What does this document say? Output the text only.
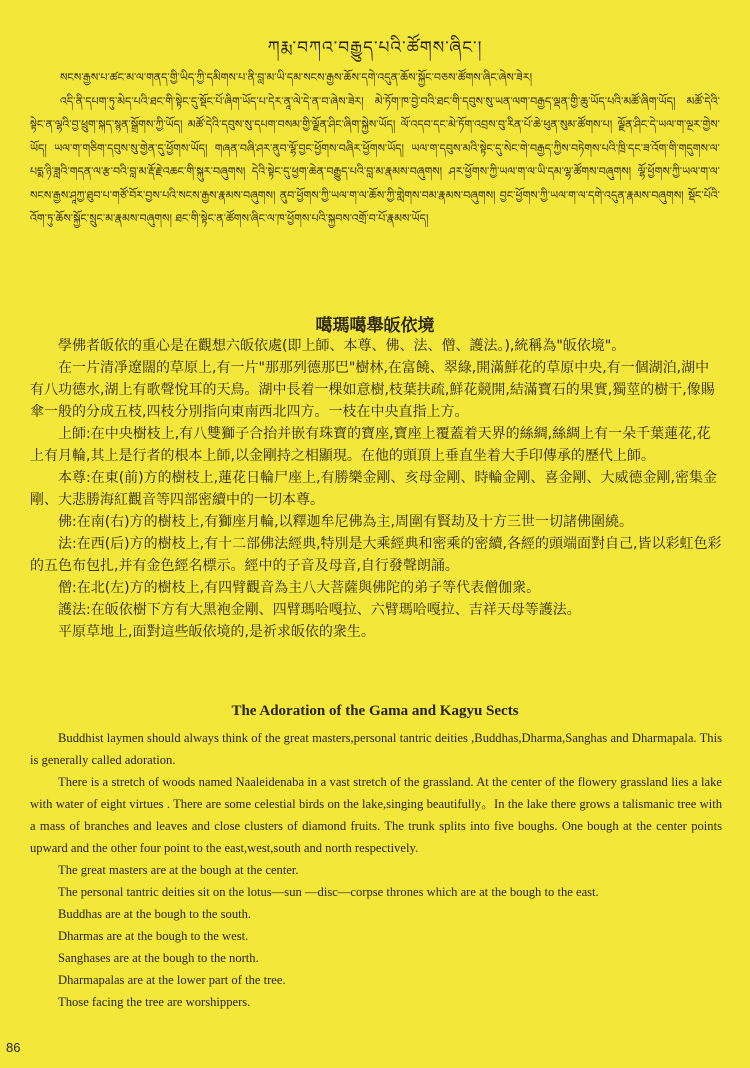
ཀརྨ་བཀའ་བརྒྱུད་པའི་ཚོགས་ཞིང་།

སངས་རྒྱས་པ་ཚང་མ་ལ་གནད་གྱི་ཡིད་ཀྱི་དམིགས་པ་ནི་བླ་མ་ཡི་དམ་སངས་རྒྱས་ཆོས་དགེ་འདུན་ཆོས་སྐྱོང་བཅས་ཚོགས་ཞིང་ཞེས་ཟེར།

འདི་ནི་དཔག་ཏུ་མེད་པའི་ཐང་གི་སྟེང་དུ་སྡོང་པོ་ཞིག་ཡོད་པ་དེར་ནཱ་ལེ་དེ་ན་བ་ཞེས་ཟེར། མེ་ཏོག་ཁ་བྱེ་བའི་ཐང་གི་དབུས་སུ་ཡན་ལག་བརྒྱད་ལྡན་གྱི་ཆུ་ཡོད་པའི་མཚོ་ཞིག་ཡོད། མཚོ་དེའི་སྟེང་ན་ལྷའི་བྱ་ཕྲུག་སྐད་སྙན་སྒྲོགས་ཀྱི་ཡོད། མཚོ་དེའི་དབུས་སུ་དཔག་བསམ་གྱི་ལྗོན་ཤིང་ཞིག་སྐྱེས་ཡོད། ལོ་འདབ་དང་མེ་ཏོག་འབྲས་བུ་རིན་པོ་ཆེ་ཕུན་སུམ་ཚོགས་པ། ལྗོན་ཤིང་དེ་ཡལ་ག་ལྔར་གྱེས་ཡོད། ཡལ་ག་གཅིག་དབུས་སུ་གྱེན་དུ་ཕྱོགས་ཡོད། གཞན་བཞི་ཤར་ནུབ་ལྷོ་བྱང་ཕྱོགས་བཞིར་ཕྱོགས་ཡོད། ཡལ་ག་དབུས་མའི་སྟེང་དུ་སེང་གེ་བརྒྱད་ཀྱིས་བཏེགས་པའི་ཁྲི་དང་ཟ་འོག་གི་གདུགས་ལ་པདྨ་ཉི་ཟླའི་གདན་ལ་རྩ་བའི་བླ་མ་རྡོ་རྗེ་འཆང་གི་སྐུར་བཞུགས། དེའི་སྟེང་དུ་ཕྱག་ཆེན་བརྒྱུད་པའི་བླ་མ་རྣམས་བཞུགས། ཤར་ཕྱོགས་ཀྱི་ཡལ་ག་ལ་ཡི་དམ་ལྷ་ཚོགས་བཞུགས། ལྷོ་ཕྱོགས་ཀྱི་ཡལ་ག་ལ་སངས་རྒྱས་ཤཱཀྱ་ཐུབ་པ་གཙོ་བོར་བྱས་པའི་སངས་རྒྱས་རྣམས་བཞུགས། ནུབ་ཕྱོགས་ཀྱི་ཡལ་ག་ལ་ཆོས་ཀྱི་གླེགས་བམ་རྣམས་བཞུགས། བྱང་ཕྱོགས་ཀྱི་ཡལ་ག་ལ་དགེ་འདུན་རྣམས་བཞུགས། སྡོང་པོའི་འོག་ཏུ་ཆོས་སྐྱོང་སྲུང་མ་རྣམས་བཞུགས། ཐང་གི་སྟེང་ན་ཚོགས་ཞིང་ལ་ཁ་ཕྱོགས་པའི་སྐྱབས་འགྲོ་བ་པོ་རྣམས་ཡོད།

噶瑪噶舉皈依境

學佛者皈依的重心是在觀想六皈依處(即上師、本尊、佛、法、僧、護法。),統稱為"皈依境"。

在一片清凈遼闊的草原上,有一片"那那列德那巴"樹林,在富饒、翠綠,開滿鮮花的草原中央,有一個湖泊,湖中有八功德水,湖上有歌聲悅耳的天鳥。湖中長着一棵如意樹,枝葉扶疏,鮮花競開,結滿寶石的果實,獨莖的樹干,像賜傘一般的分成五枝,四枝分別指向東南西北四方。一枝在中央直指上方。

上師:在中央樹枝上,有八雙獅子合抬并嵌有珠寶的寶座,寶座上覆蓋着天界的絲綢,絲綢上有一朵千葉蓮花,花上有月輪,其上是行者的根本上師,以金剛持之相顯現。在他的頭頂上垂直坐着大手印傳承的歷代上師。

本尊:在東(前)方的樹枝上,蓮花日輪尸座上,有勝樂金剛、亥母金剛、時輪金剛、喜金剛、大威德金剛,密集金剛、大悲勝海紅觀音等四部密續中的一切本尊。

佛:在南(右)方的樹枝上,有獅座月輪,以釋迦牟尼佛為主,周圍有賢劫及十方三世一切諸佛圍繞。

法:在西(后)方的樹枝上,有十二部佛法經典,特別是大乘經典和密乘的密續,各經的頭端面對自己,皆以彩虹色彩的五色布包扎,并有金色經名標示。經中的子音及母音,自行發聲朗誦。

僧:在北(左)方的樹枝上,有四臂觀音為主八大菩薩與佛陀的弟子等代表僧伽衆。

護法:在皈依樹下方有大黑袍金剛、四臂瑪哈嘎拉、六臂瑪哈嘎拉、吉祥天母等護法。

平原草地上,面對這些皈依境的,是祈求皈依的衆生。

The Adoration of the Gama and Kagyu Sects

Buddhist laymen should always think of the great masters,personal tantric deities ,Buddhas,Dharma,Sanghas and Dharmapala. This is generally called adoration.

There is a stretch of woods named Naaleidenaba in a vast stretch of the grassland. At the center of the flowery grassland lies a lake with water of eight virtues . There are some celestial birds on the lake,singing beautifully。In the lake there grows a talismanic tree with a mass of branches and leaves and close clusters of diamond fruits. The trunk splits into five boughs. One bough at the center points upward and the other four point to the east,west,south and north respectively.

The great masters are at the bough at the center.

The personal tantric deities sit on the lotus—sun —disc—corpse thrones which are at the bough to the east.

Buddhas are at the bough to the south.

Dharmas are at the bough to the west.

Sanghases are at the bough to the north.

Dharmapalas are at the lower part of the tree.

Those facing the tree are worshippers.

86
